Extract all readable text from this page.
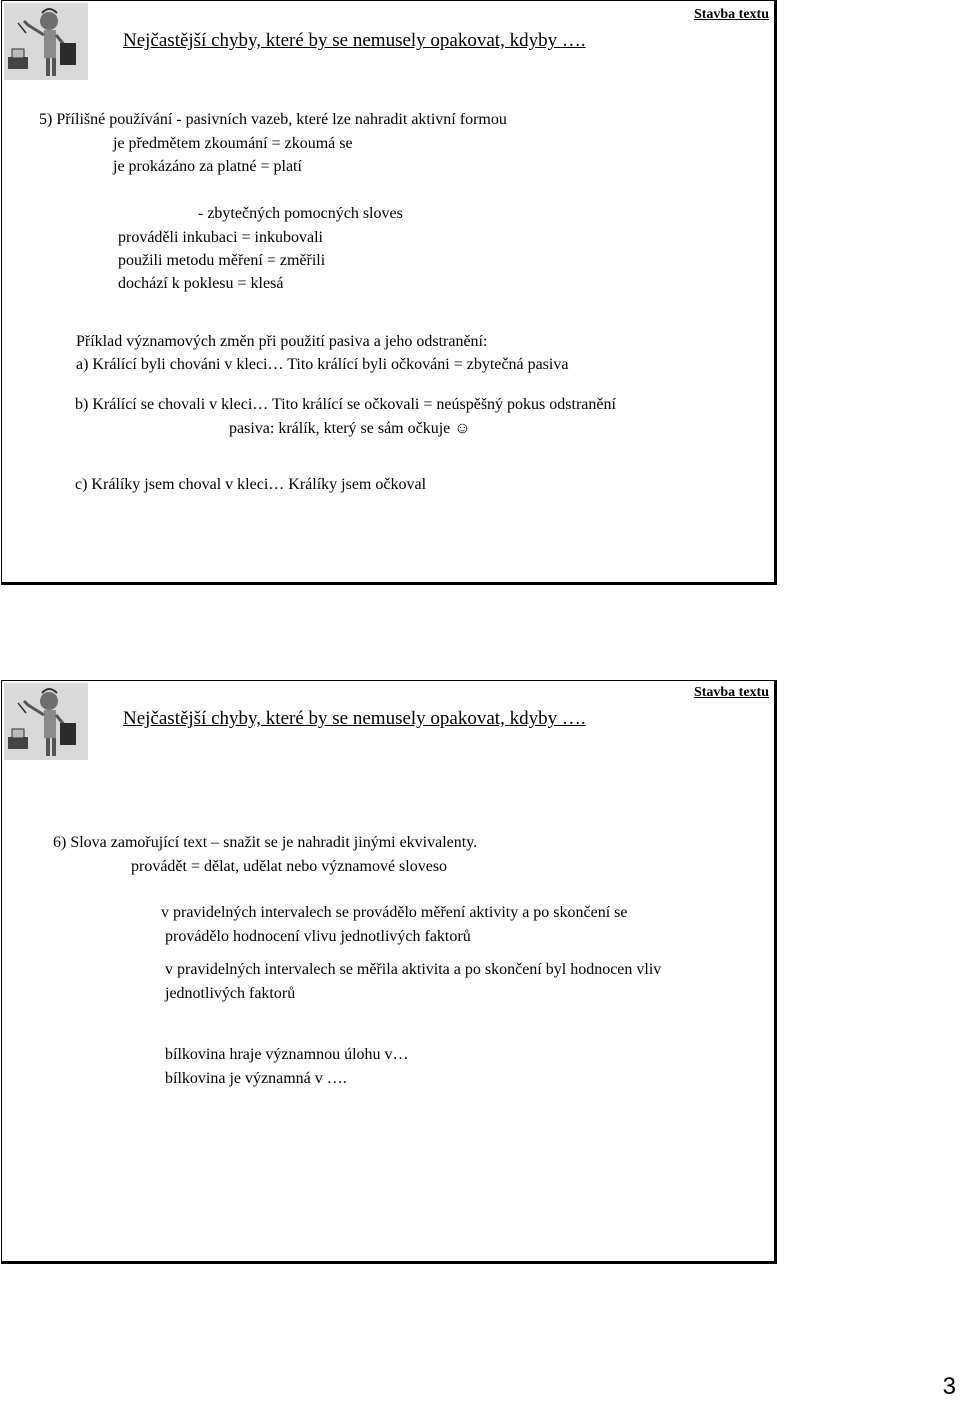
Nejčastější chyby, které by se nemusely opakovat, kdyby ….
Stavba textu
5) Přílišné používání - pasivních vazeb, které lze nahradit aktivní formou
je předmětem zkoumání = zkoumá se
je prokázáno za platné = platí
- zbytečných pomocných sloves
prováděli inkubaci = inkubovali
použili metodu měření = změřili
dochází k poklesu = klesá
Příklad významových změn při použití pasiva a jeho odstranění:
a) Králící byli chováni v kleci… Tito králící byli očkováni = zbytečná pasiva
b) Králící se chovali v kleci… Tito králící se očkovali = neúspěšný pokus odstranění
pasiva: králík, který se sám očkuje ☺
c) Králíky jsem choval v kleci… Králíky jsem očkoval
Nejčastější chyby, které by se nemusely opakovat, kdyby ….
Stavba textu
6) Slova zamořující text – snažit se je nahradit jinými ekvivalenty.
provádět = dělat, udělat nebo významové sloveso
v pravidelných intervalech se provádělo měření aktivity a po skončení se
provádělo hodnocení vlivu jednotlivých faktorů
v pravidelných intervalech se měřila aktivita a po skončení byl hodnocen vliv
jednotlivých faktorů
bílkovina hraje významnou úlohu v…
bílkovina je významná v ….
3
